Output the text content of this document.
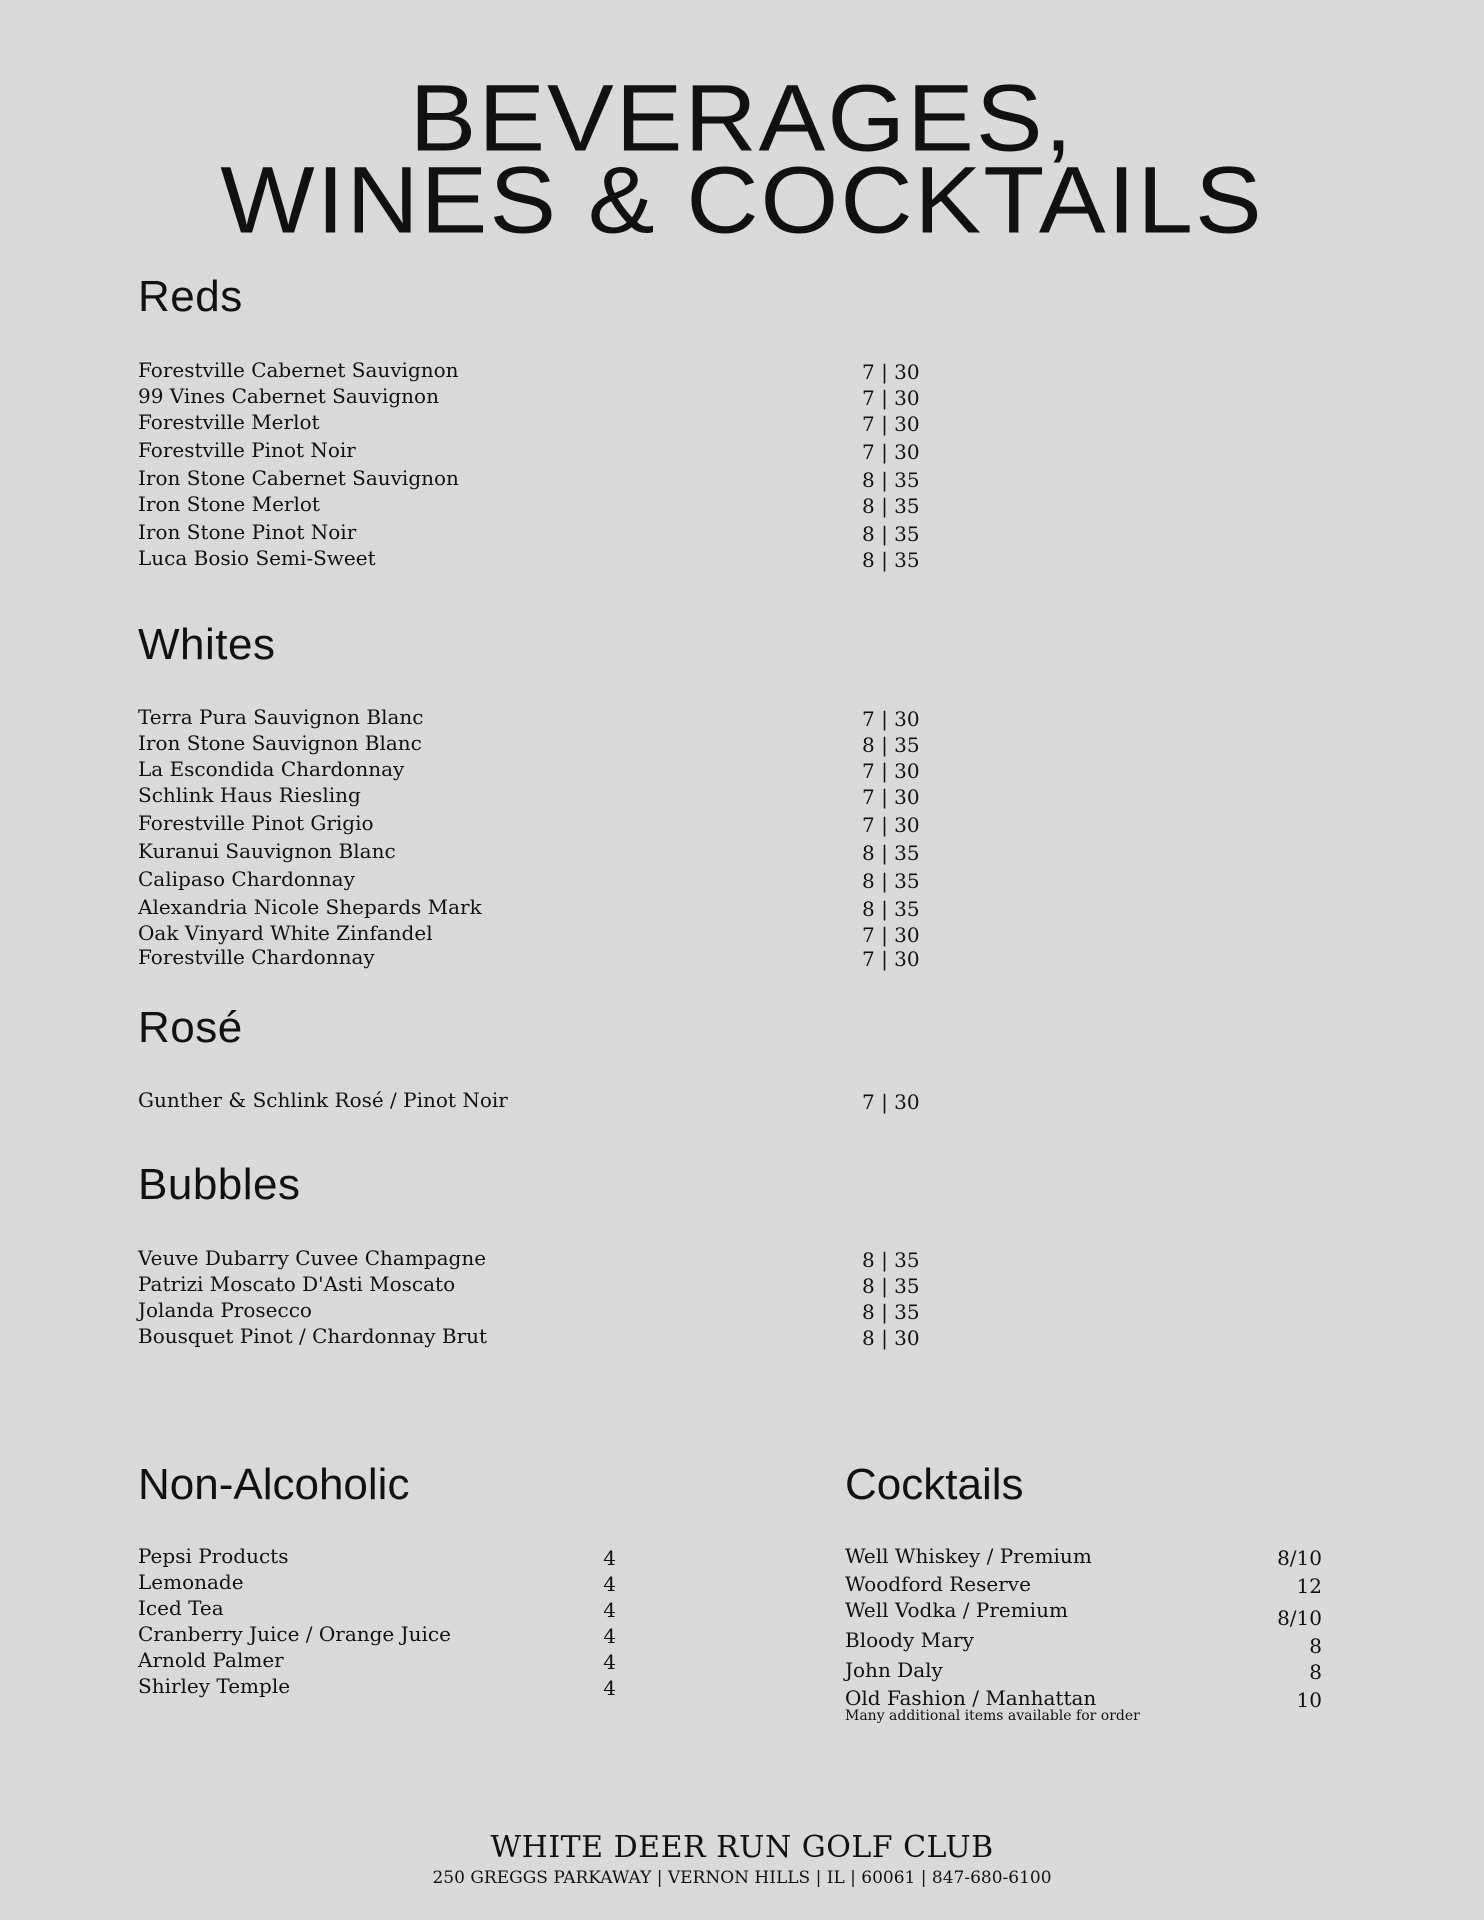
BEVERAGES,
WINES & COCKTAILS
Reds
Forestville Cabernet Sauvignon	7 | 30
99 Vines Cabernet Sauvignon	7 | 30
Forestville Merlot	7 | 30
Forestville Pinot Noir	7 | 30
Iron Stone Cabernet Sauvignon	8 | 35
Iron Stone Merlot	8 | 35
Iron Stone Pinot Noir	8 | 35
Luca Bosio Semi-Sweet	8 | 35
Whites
Terra Pura Sauvignon Blanc	7 | 30
Iron Stone Sauvignon Blanc	8 | 35
La Escondida Chardonnay	7 | 30
Schlink Haus Riesling	7 | 30
Forestville Pinot Grigio	7 | 30
Kuranui Sauvignon Blanc	8 | 35
Calipaso Chardonnay	8 | 35
Alexandria Nicole Shepards Mark	8 | 35
Oak Vinyard White Zinfandel	7 | 30
Forestville Chardonnay	7 | 30
Rosé
Gunther & Schlink Rosé / Pinot Noir	7 | 30
Bubbles
Veuve Dubarry Cuvee Champagne	8 | 35
Patrizi Moscato D'Asti Moscato	8 | 35
Jolanda Prosecco	8 | 35
Bousquet Pinot / Chardonnay Brut	8 | 30
Non-Alcoholic
Pepsi Products	4
Lemonade	4
Iced Tea	4
Cranberry Juice / Orange Juice	4
Arnold Palmer	4
Shirley Temple	4
Cocktails
Well Whiskey / Premium	8/10
Woodford Reserve	12
Well Vodka / Premium	8/10
Bloody Mary	8
John Daly	8
Old Fashion / Manhattan	10
Many additional items available for order
WHITE DEER RUN GOLF CLUB
250 GREGGS PARKAWAY | VERNON HILLS | IL | 60061 | 847-680-6100
